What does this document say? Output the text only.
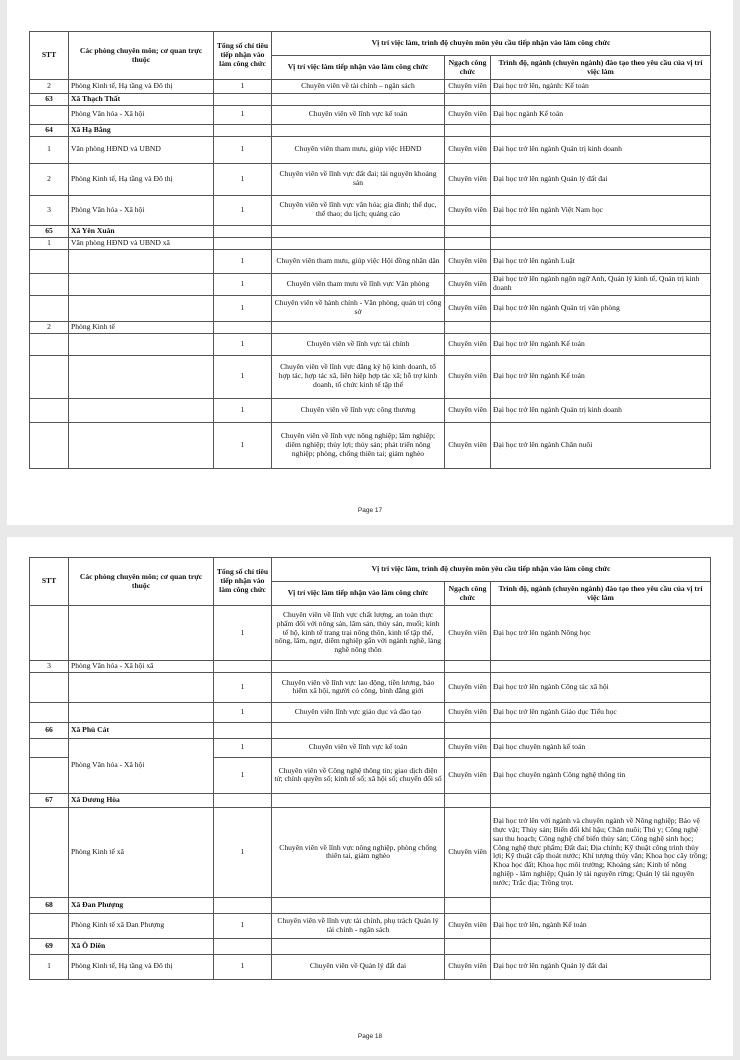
STT	Các phòng chuyên môn; cơ quan trực thuộc	Tổng số chỉ tiêu tiếp nhận vào làm công chức	Vị trí việc làm, trình độ chuyên môn yêu cầu tiếp nhận vào làm công chức		
			Vị trí việc làm tiếp nhận vào làm công chức	Ngạch công chức	Trình độ, ngành (chuyên ngành) đào tạo theo yêu cầu của vị trí việc làm
2	Phòng Kinh tế, Hạ tầng và Đô thị	1	Chuyên viên về tài chính – ngân sách	Chuyên viên	Đại học trở lên, ngành: Kế toán
63	Xã Thạch Thất				
	Phòng Văn hóa - Xã hội	1	Chuyên viên về lĩnh vực kế toán	Chuyên viên	Đại học ngành Kế toán
64	Xã Hạ Bằng				
1	Văn phòng HĐND và UBND	1	Chuyên viên tham mưu, giúp việc HĐND	Chuyên viên	Đại học trở lên ngành Quản trị kinh doanh
2	Phòng Kinh tế, Hạ tầng và Đô thị	1	Chuyên viên về lĩnh vực đất đai; tài nguyên khoáng sản	Chuyên viên	Đại học trở lên ngành Quản lý đất đai
3	Phòng Văn hóa - Xã hội	1	Chuyên viên về lĩnh vực văn hóa; gia đình; thể dục, thể thao; du lịch; quảng cáo	Chuyên viên	Đại học trở lên ngành Việt Nam học
65	Xã Yên Xuân				
1	Văn phòng HĐND và UBND xã				
		1	Chuyên viên tham mưu, giúp việc Hội đồng nhân dân	Chuyên viên	Đại học trở lên ngành Luật
		1	Chuyên viên tham mưu về lĩnh vực Văn phòng	Chuyên viên	Đại học trở lên ngành ngôn ngữ Anh, Quản lý kinh tế, Quản trị kinh doanh
		1	Chuyên viên về hành chính - Văn phòng, quản trị công sở	Chuyên viên	Đại học trở lên ngành Quản trị văn phòng
2	Phòng Kinh tế				
		1	Chuyên viên về lĩnh vực tài chính	Chuyên viên	Đại học trở lên ngành Kế toán
		1	Chuyên viên về lĩnh vực đăng ký hộ kinh doanh, tổ hợp tác, hợp tác xã, liên hiệp hợp tác xã; hỗ trợ kinh doanh, tổ chức kinh tế tập thể	Chuyên viên	Đại học trở lên ngành Kế toán
		1	Chuyên viên về lĩnh vực công thương	Chuyên viên	Đại học trở lên ngành Quản trị kinh doanh
		1	Chuyên viên về lĩnh vực nông nghiệp; lâm nghiệp; diêm nghiệp; thủy lợi; thủy sản; phát triển nông nghiệp; phòng, chống thiên tai; giảm nghèo	Chuyên viên	Đại học trở lên ngành Chăn nuôi
Page 17
STT	Các phòng chuyên môn; cơ quan trực thuộc	Tổng số chỉ tiêu tiếp nhận vào làm công chức	Vị trí việc làm, trình độ chuyên môn yêu cầu tiếp nhận vào làm công chức		
			Vị trí việc làm tiếp nhận vào làm công chức	Ngạch công chức	Trình độ, ngành (chuyên ngành) đào tạo theo yêu cầu của vị trí việc làm
		1	Chuyên viên về lĩnh vực chất lượng, an toàn thực phẩm đối với nông sản, lâm sản, thủy sản, muối; kinh tế hộ, kinh tế trang trại nông thôn, kinh tế tập thể, nông, lâm, ngư, diêm nghiệp gắn với ngành nghề, làng nghề nông thôn	Chuyên viên	Đại học trở lên ngành Nông học
3	Phòng Văn hóa - Xã hội xã				
		1	Chuyên viên về lĩnh vực lao động, tiền lương, bảo hiểm xã hội, người có công, bình đẳng giới	Chuyên viên	Đại học trở lên ngành Công tác xã hội
		1	Chuyên viên lĩnh vực giáo dục và đào tạo	Chuyên viên	Đại học trở lên ngành Giáo dục Tiểu học
66	Xã Phù Cát				
	Phòng Văn hóa - Xã hội	1	Chuyên viên về lĩnh vực kế toán	Chuyên viên	Đại học chuyên ngành kế toán
		1	Chuyên viên về Công nghệ thông tin; giao dịch điện tử; chính quyền số; kinh tế số; xã hội số; chuyển đổi số	Chuyên viên	Đại học chuyên ngành Công nghệ thông tin
67	Xã Dương Hòa				
	Phòng Kinh tế xã	1	Chuyên viên về lĩnh vực nông nghiệp, phòng chống thiên tai, giảm nghèo	Chuyên viên	Đại học trở lên với ngành và chuyên ngành về Nông nghiệp; Bảo vệ thực vật; Thủy sản; Biến đổi khí hậu; Chăn nuôi; Thú y; Công nghệ sau thu hoạch; Công nghệ chế biến thủy sản; Công nghệ sinh học; Công nghệ thực phẩm; Đất đai; Địa chính; Kỹ thuật công trình thủy lợi; Kỹ thuật cấp thoát nước; Khí tượng thủy văn; Khoa học cây trồng; Khoa học đất; Khoa học môi trường; Khoáng sản; Kinh tế nông nghiệp - lâm nghiệp; Quản lý tài nguyên rừng; Quản lý tài nguyên nước; Trắc địa; Trồng trọt.
68	Xã Đan Phượng				
	Phòng Kinh tế xã Đan Phượng	1	Chuyên viên về lĩnh vực tài chính, phụ trách Quản lý tài chính - ngân sách	Chuyên viên	Đại học trở lên, ngành Kế toán
69	Xã Ô Diên				
1	Phòng Kinh tế, Hạ tầng và Đô thị	1	Chuyên viên về Quản lý đất đai	Chuyên viên	Đại học trở lên ngành Quản lý đất đai
Page 18
